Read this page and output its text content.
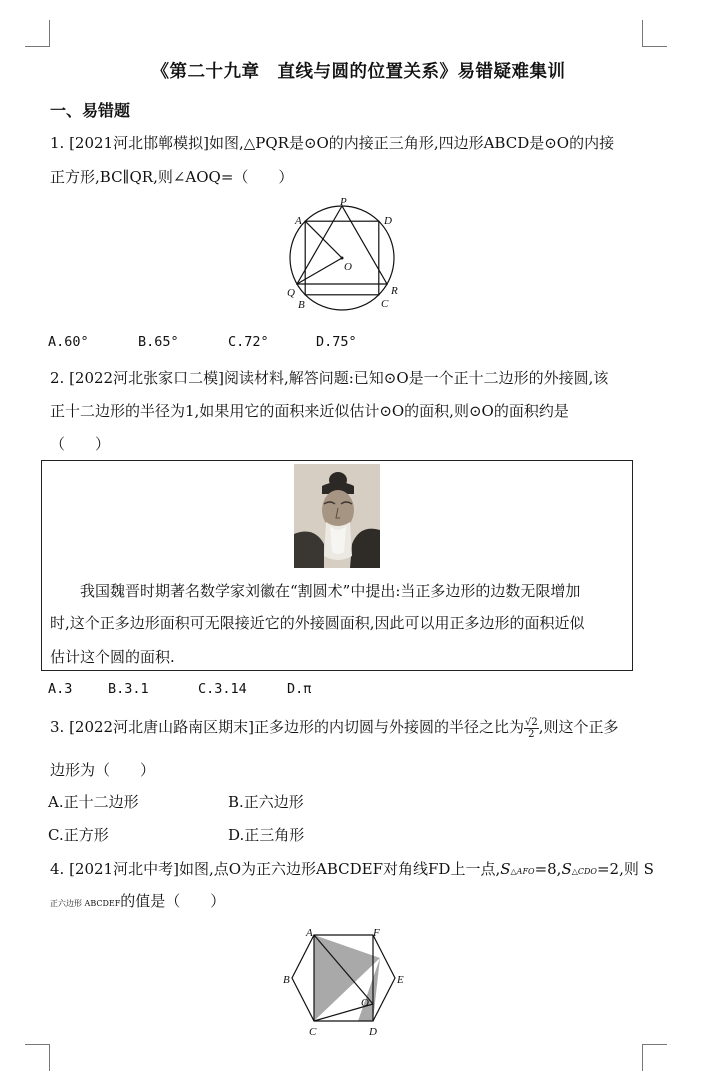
《第二十九章　直线与圆的位置关系》易错疑难集训
一、易错题
1. [2021河北邯郸模拟]如图,△PQR是⊙O的内接正三角形,四边形ABCD是⊙O的内接
正方形,BC∥QR,则∠AOQ=（　　）
P
A	D
O
Q	R
B	C
A.60°	B.65°	C.72°	D.75°
2. [2022河北张家口二模]阅读材料,解答问题:已知⊙O是一个正十二边形的外接圆,该
正十二边形的半径为1,如果用它的面积来近似估计⊙O的面积,则⊙O的面积约是
（　　）
　　我国魏晋时期著名数学家刘徽在“割圆术”中提出:当正多边形的边数无限增加
时,这个正多边形面积可无限接近它的外接圆面积,因此可以用正多边形的面积近似
估计这个圆的面积.
A.3	B.3.1	C.3.14	D.π
3. [2022河北唐山路南区期末]正多边形的内切圆与外接圆的半径之比为 $\frac{√2}{2}$ ,则这个正多
边形为（　　）
A.正十二边形	B.正六边形
C.正方形	D.正三角形
4. [2021河北中考]如图,点O为正六边形ABCDEF对角线FD上一点,S△AFO=8,S△CDO=2,则 S
正六边形 ABCDEF的值是（　　）
A	F
B	E
O
C	D
